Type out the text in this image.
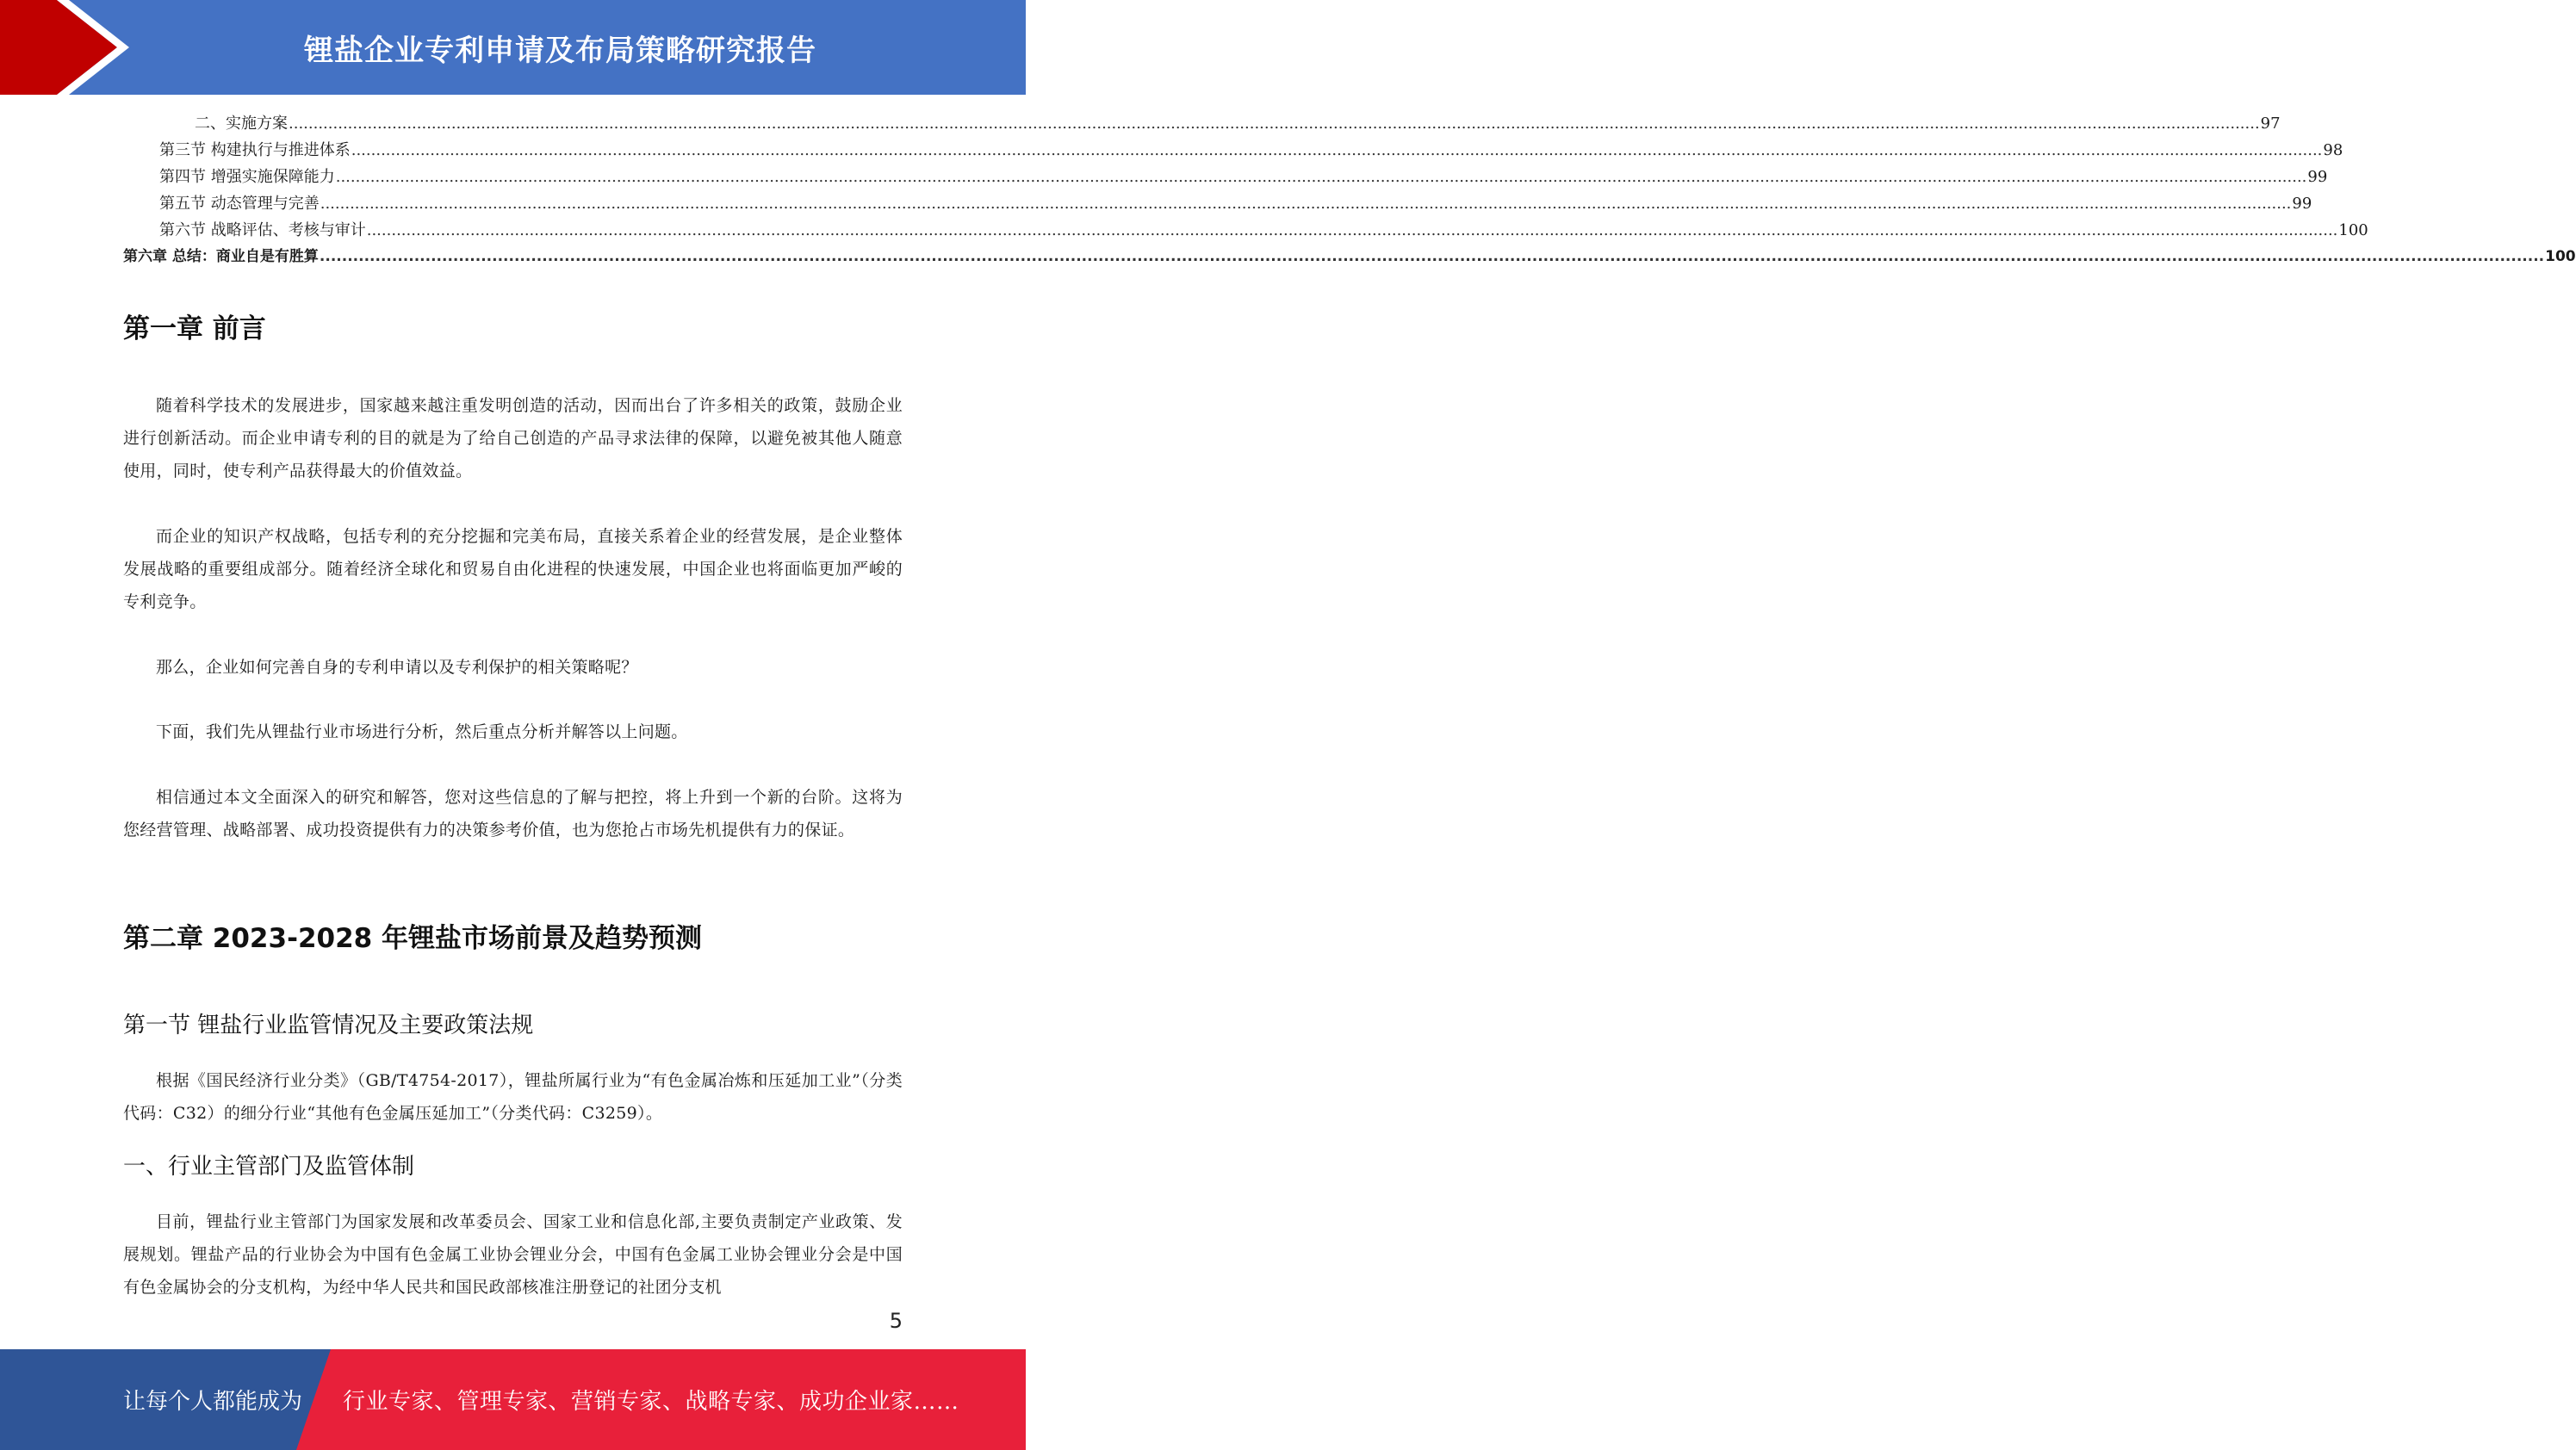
锂盐企业专利申请及布局策略研究报告
二、实施方案 ................................................................................................................................................................................................................................................................................................................................................................................................................ 97
第三节 构建执行与推进体系 ................................................................................................................................................................................................................................................................................................................................................................................................................ 98
第四节 增强实施保障能力 ................................................................................................................................................................................................................................................................................................................................................................................................................ 99
第五节 动态管理与完善 ................................................................................................................................................................................................................................................................................................................................................................................................................ 99
第六节 战略评估、考核与审计 ................................................................................................................................................................................................................................................................................................................................................................................................................ 100
第六章 总结：商业自是有胜算 ................................................................................................................................................................................................................................................................................................................................................................................................................ 100
第一章 前言

随着科学技术的发展进步，国家越来越注重发明创造的活动，因而出台了许多相关的政策，鼓励企业进行创新活动。而企业申请专利的目的就是为了给自己创造的产品寻求法律的保障，以避免被其他人随意使用，同时，使专利产品获得最大的价值效益。

而企业的知识产权战略，包括专利的充分挖掘和完美布局，直接关系着企业的经营发展，是企业整体发展战略的重要组成部分。随着经济全球化和贸易自由化进程的快速发展，中国企业也将面临更加严峻的专利竞争。

那么，企业如何完善自身的专利申请以及专利保护的相关策略呢？

下面，我们先从锂盐行业市场进行分析，然后重点分析并解答以上问题。

相信通过本文全面深入的研究和解答，您对这些信息的了解与把控，将上升到一个新的台阶。这将为您经营管理、战略部署、成功投资提供有力的决策参考价值，也为您抢占市场先机提供有力的保证。

第二章 2023-2028 年锂盐市场前景及趋势预测
第一节 锂盐行业监管情况及主要政策法规

根据《国民经济行业分类》（GB/T4754-2017），锂盐所属行业为“有色金属冶炼和压延加工业”（分类代码：C32）的细分行业“其他有色金属压延加工”（分类代码：C3259）。

一、行业主管部门及监管体制

目前，锂盐行业主管部门为国家发展和改革委员会、国家工业和信息化部,主要负责制定产业政策、发展规划。锂盐产品的行业协会为中国有色金属工业协会锂业分会，中国有色金属工业协会锂业分会是中国有色金属协会的分支机构，为经中华人民共和国民政部核准注册登记的社团分支机

5
让每个人都能成为 行业专家、管理专家、营销专家、战略专家、成功企业家……
